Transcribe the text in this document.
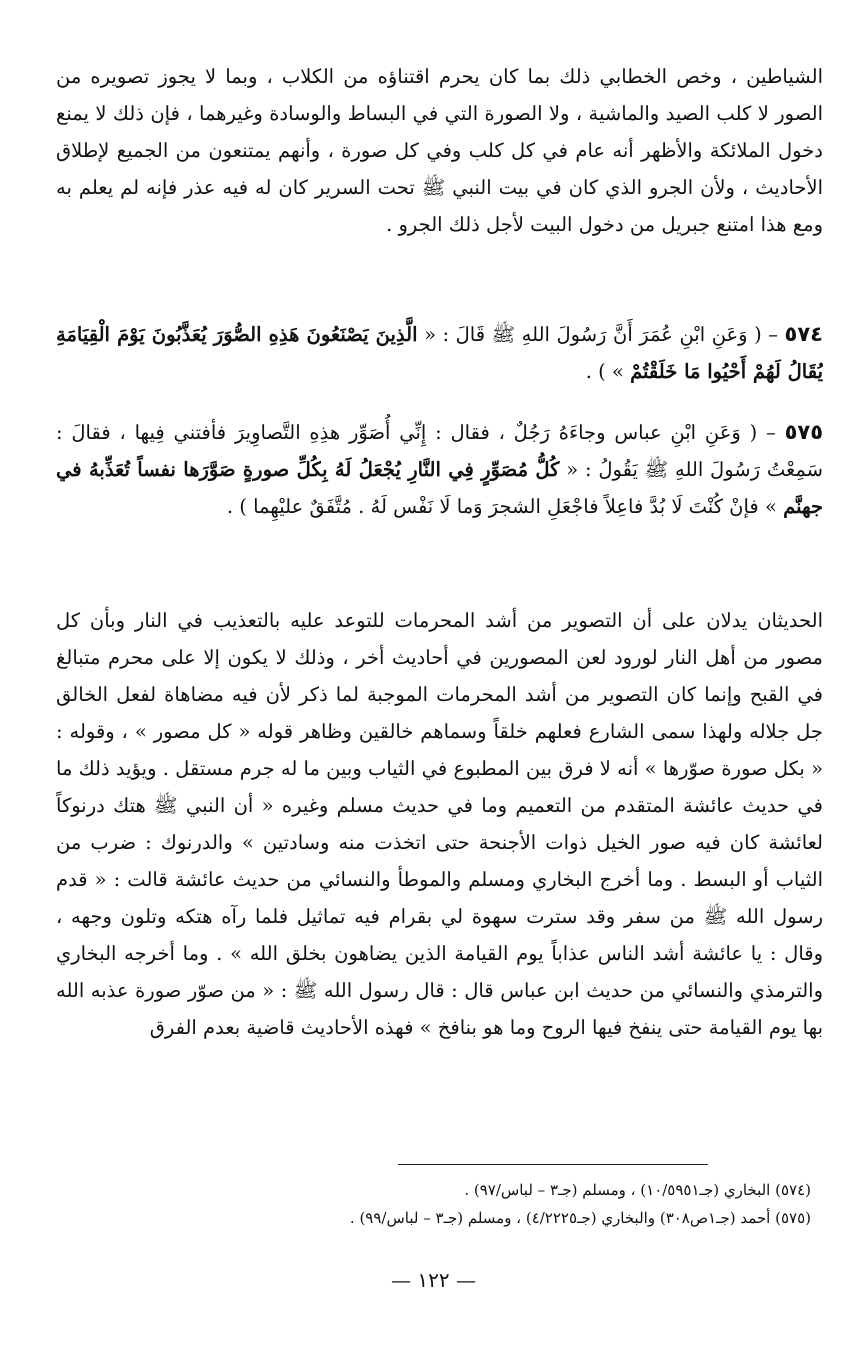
الشياطين ، وخص الخطابي ذلك بما كان يحرم اقتناؤه من الكلاب ، وبما لا يجوز تصويره من الصور لا كلب الصيد والماشية ، ولا الصورة التي في البساط والوسادة وغيرهما ، فإن ذلك لا يمنع دخول الملائكة والأظهر أنه عام في كل كلب وفي كل صورة ، وأنهم يمتنعون من الجميع لإطلاق الأحاديث ، ولأن الجرو الذي كان في بيت النبي ﷺ تحت السرير كان له فيه عذر فإنه لم يعلم به ومع هذا امتنع جبريل من دخول البيت لأجل ذلك الجرو .

٥٧٤ – ( وَعَنِ ابْنِ عُمَرَ أَنَّ رَسُولَ اللهِ ﷺ قَالَ : « الَّذِينَ يَصْنَعُونَ هَذِهِ الصُّوَرَ يُعَذَّبُونَ يَوْمَ الْقِيَامَةِ يُقَالُ لَهُمْ أَحْيُوا مَا خَلَقْتُمْ » ) .

٥٧٥ – ( وَعَنِ ابْنِ عباس وجاءَهُ رَجُلٌ ، فقال : إِنِّي أُصَوِّر هذِهِ التَّصاوِيرَ فأفتني فِيها ، فقالَ : سَمِعْتُ رَسُولَ اللهِ ﷺ يَقُولُ : « كُلُّ مُصَوِّرٍ فِي النَّارِ يُجْعَلُ لَهُ بِكُلِّ صورةٍ صَوَّرَها نفساً تُعَذِّبهُ في جهنَّم » فإنْ كُنْتَ لَا بُدَّ فاعِلاً فاجْعَلِ الشجرَ وَما لَا نَفْس لَهُ . مُتَّفَقٌ عليْهِما ) .

الحديثان يدلان على أن التصوير من أشد المحرمات للتوعد عليه بالتعذيب في النار وبأن كل مصور من أهل النار لورود لعن المصورين في أحاديث أخر ، وذلك لا يكون إلا على محرم متبالغ في القبح وإنما كان التصوير من أشد المحرمات الموجبة لما ذكر لأن فيه مضاهاة لفعل الخالق جل جلاله ولهذا سمى الشارع فعلهم خلقاً وسماهم خالقين وظاهر قوله « كل مصور » ، وقوله : « بكل صورة صوّرها » أنه لا فرق بين المطبوع في الثياب وبين ما له جرم مستقل . ويؤيد ذلك ما في حديث عائشة المتقدم من التعميم وما في حديث مسلم وغيره « أن النبي ﷺ هتك درنوكاً لعائشة كان فيه صور الخيل ذوات الأجنحة حتى اتخذت منه وسادتين » والدرنوك : ضرب من الثياب أو البسط . وما أخرج البخاري ومسلم والموطأ والنسائي من حديث عائشة قالت : « قدم رسول الله ﷺ من سفر وقد سترت سهوة لي بقرام فيه تماثيل فلما رآه هتكه وتلون وجهه ، وقال : يا عائشة أشد الناس عذاباً يوم القيامة الذين يضاهون بخلق الله » . وما أخرجه البخاري والترمذي والنسائي من حديث ابن عباس قال : قال رسول الله ﷺ : « من صوّر صورة عذبه الله بها يوم القيامة حتى ينفخ فيها الروح وما هو بنافخ » فهذه الأحاديث قاضية بعدم الفرق

(٥٧٤) البخاري (جـ١٠/٥٩٥١) ، ومسلم (جـ٣ – لباس/٩٧) .

(٥٧٥) أحمد (جـ١ص٣٠٨) والبخاري (جـ٤/٢٢٢٥) ، ومسلم (جـ٣ – لباس/٩٩) .

— ١٢٢ —
